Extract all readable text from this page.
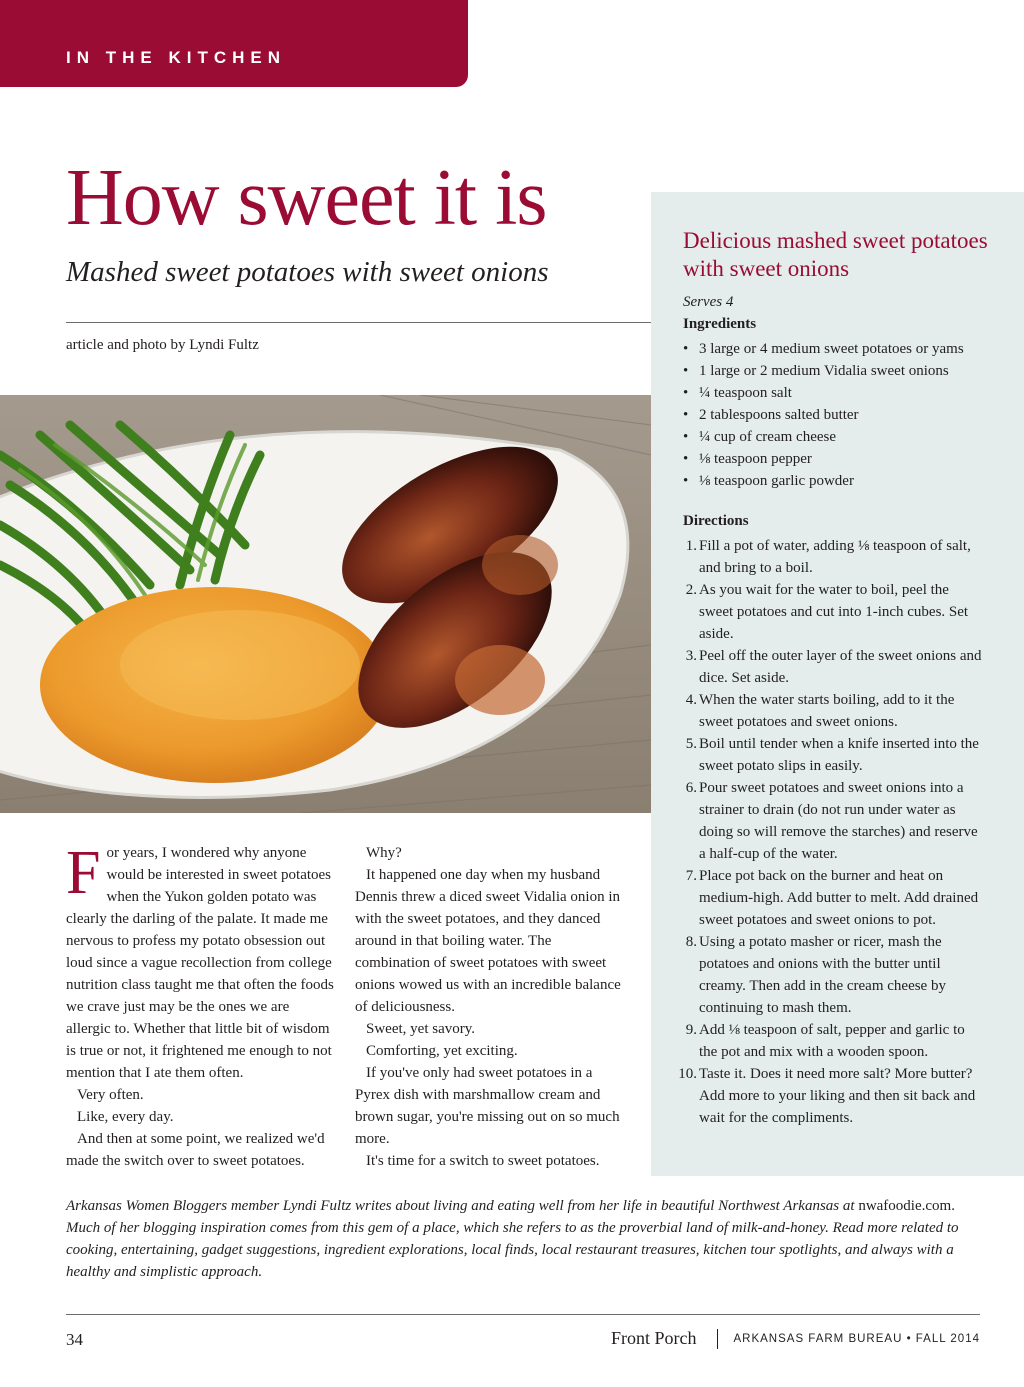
IN THE KITCHEN
How sweet it is
Mashed sweet potatoes with sweet onions
article and photo by Lyndi Fultz
Delicious mashed sweet potatoes with sweet onions
Serves 4
Ingredients
• 3 large or 4 medium sweet potatoes or yams
• 1 large or 2 medium Vidalia sweet onions
• ¼ teaspoon salt
• 2 tablespoons salted butter
• ¼ cup of cream cheese
• ⅛ teaspoon pepper
• ⅛ teaspoon garlic powder
Directions
1. Fill a pot of water, adding ⅛ teaspoon of salt, and bring to a boil.
2. As you wait for the water to boil, peel the sweet potatoes and cut into 1-inch cubes. Set aside.
3. Peel off the outer layer of the sweet onions and dice. Set aside.
4. When the water starts boiling, add to it the sweet potatoes and sweet onions.
5. Boil until tender when a knife inserted into the sweet potato slips in easily.
6. Pour sweet potatoes and sweet onions into a strainer to drain (do not run under water as doing so will remove the starches) and reserve a half-cup of the water.
7. Place pot back on the burner and heat on medium-high. Add butter to melt. Add drained sweet potatoes and sweet onions to pot.
8. Using a potato masher or ricer, mash the potatoes and onions with the butter until creamy. Then add in the cream cheese by continuing to mash them.
9. Add ⅛ teaspoon of salt, pepper and garlic to the pot and mix with a wooden spoon.
10. Taste it. Does it need more salt? More butter? Add more to your liking and then sit back and wait for the compliments.

For years, I wondered why anyone would be interested in sweet potatoes when the Yukon golden potato was clearly the darling of the palate. It made me nervous to profess my potato obsession out loud since a vague recollection from college nutrition class taught me that often the foods we crave just may be the ones we are allergic to. Whether that little bit of wisdom is true or not, it frightened me enough to not mention that I ate them often.

Very often.

Like, every day.

And then at some point, we realized we'd made the switch over to sweet potatoes.

Why?

It happened one day when my husband Dennis threw a diced sweet Vidalia onion in with the sweet potatoes, and they danced around in that boiling water. The combination of sweet potatoes with sweet onions wowed us with an incredible balance of deliciousness.

Sweet, yet savory.

Comforting, yet exciting.

If you've only had sweet potatoes in a Pyrex dish with marshmallow cream and brown sugar, you're missing out on so much more.

It's time for a switch to sweet potatoes.

Arkansas Women Bloggers member Lyndi Fultz writes about living and eating well from her life in beautiful Northwest Arkansas at nwafoodie.com. Much of her blogging inspiration comes from this gem of a place, which she refers to as the proverbial land of milk-and-honey. Read more related to cooking, entertaining, gadget suggestions, ingredient explorations, local finds, local restaurant treasures, kitchen tour spotlights, and always with a healthy and simplistic approach.
34	Front Porch	ARKANSAS FARM BUREAU • FALL 2014
